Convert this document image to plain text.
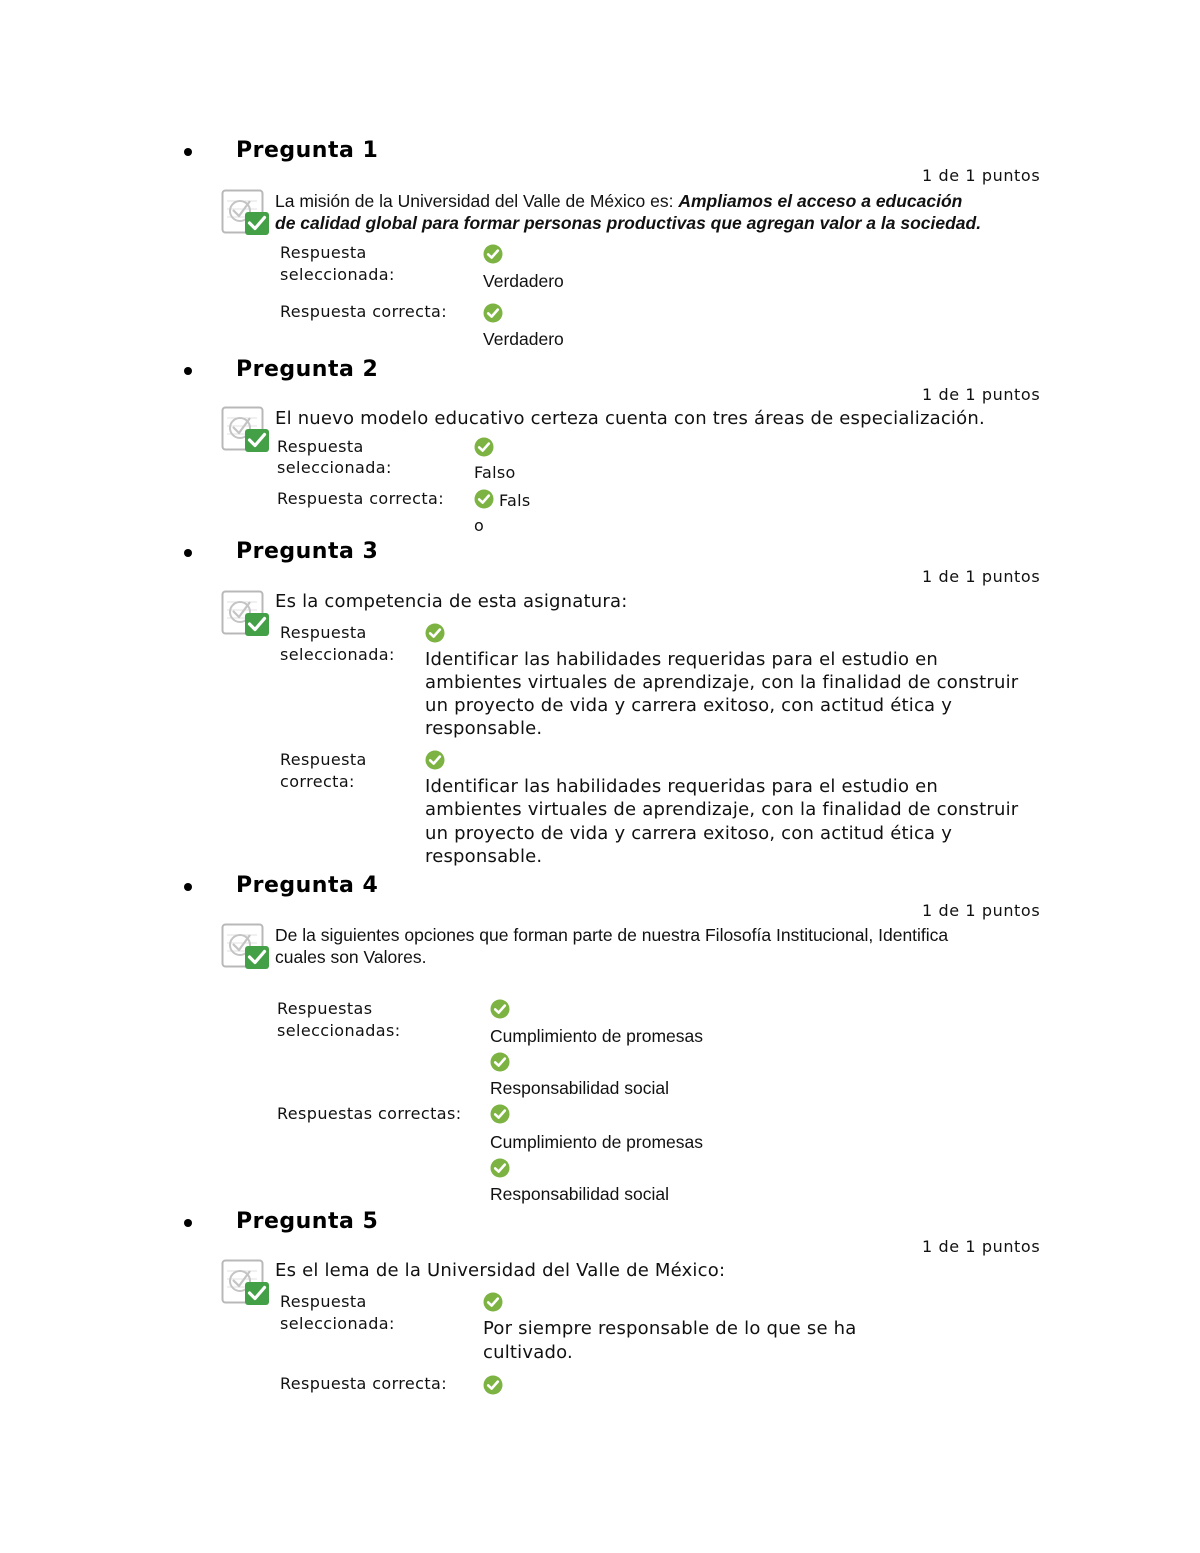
Pregunta 1
1 de 1 puntos
La misión de la Universidad del Valle de México es: Ampliamos el acceso a educación
de calidad global para formar personas productivas que agregan valor a la sociedad.
Respuesta
seleccionada:	Verdadero
Respuesta correcta:
Verdadero
Pregunta 2
1 de 1 puntos
El nuevo modelo educativo certeza cuenta con tres áreas de especialización.
Respuesta
seleccionada:	Falso
Respuesta correcta:	Fals
o
Pregunta 3
1 de 1 puntos
Es la competencia de esta asignatura:
Respuesta
seleccionada: Identificar las habilidades requeridas para el estudio en
ambientes virtuales de aprendizaje, con la finalidad de construir
un proyecto de vida y carrera exitoso, con actitud ética y
responsable.
Respuesta
correcta:	Identificar las habilidades requeridas para el estudio en
ambientes virtuales de aprendizaje, con la finalidad de construir
un proyecto de vida y carrera exitoso, con actitud ética y
responsable.
Pregunta 4
1 de 1 puntos
De la siguientes opciones que forman parte de nuestra Filosofía Institucional, Identifica
cuales son Valores.
Respuestas
seleccionadas:	Cumplimiento de promesas
Responsabilidad social
Respuestas correctas:
Cumplimiento de promesas
Responsabilidad social
Pregunta 5
1 de 1 puntos
Es el lema de la Universidad del Valle de México:
Respuesta
seleccionada:	Por siempre responsable de lo que se ha
cultivado.
Respuesta correcta:
